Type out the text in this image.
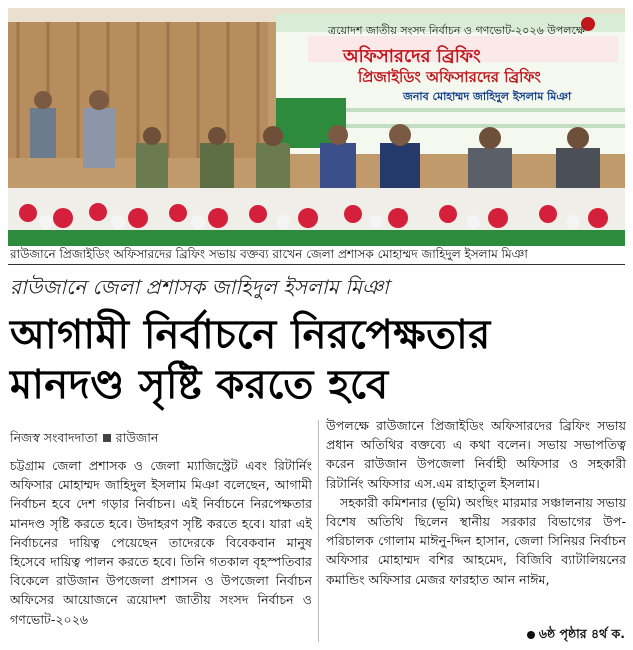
ত্রয়োদশ জাতীয় সংসদ নির্বাচন ও গণভোট-২০২৬ উপলক্ষে
অফিসারদের ব্রিফিং
প্রিজাইডিং অফিসারদের ব্রিফিং
জনাব মোহাম্মদ জাহিদুল ইসলাম মিঞা
রাউজানে প্রিজাইডিং অফিসারদের ব্রিফিং সভায় বক্তব্য রাখেন জেলা প্রশাসক মোহাম্মদ জাহিদুল ইসলাম মিঞা
রাউজানে জেলা প্রশাসক জাহিদুল ইসলাম মিঞা
আগামী নির্বাচনে নিরপেক্ষতার
মানদণ্ড সৃষ্টি করতে হবে
নিজস্ব সংবাদদাতা রাউজান

চট্টগ্রাম জেলা প্রশাসক ও জেলা ম্যাজিস্ট্রেট এবং রিটার্নিং অফিসার মোহাম্মদ জাহিদুল ইসলাম মিঞা বলেছেন, আগামী নির্বাচন হবে দেশ গড়ার নির্বাচন। এই নির্বাচনে নিরপেক্ষতার মানদণ্ড সৃষ্টি করতে হবে। উদাহরণ সৃষ্টি করতে হবে। যারা এই নির্বাচনের দায়িত্ব পেয়েছেন তাদেরকে বিবেকবান মানুষ হিসেবে দায়িত্ব পালন করতে হবে। তিনি গতকাল বৃহস্পতিবার বিকেলে রাউজান উপজেলা প্রশাসন ও উপজেলা নির্বাচন অফিসের আয়োজনে ত্রয়োদশ জাতীয় সংসদ নির্বাচন ও গণভোট-২০২৬

উপলক্ষে রাউজানে প্রিজাইডিং অফিসারদের ব্রিফিং সভায় প্রধান অতিথির বক্তব্যে এ কথা বলেন। সভায় সভাপতিত্ব করেন রাউজান উপজেলা নির্বাহী অফিসার ও সহকারী রিটার্নিং অফিসার এস.এম রাহাতুল ইসলাম।

সহকারী কমিশনার (ভূমি) অংছিং মারমার সঞ্চালনায় সভায় বিশেষ অতিথি ছিলেন স্থানীয় সরকার বিভাগের উপ-পরিচালক গোলাম মাঈনু-দ্দিন হাসান, জেলা সিনিয়র নির্বাচন অফিসার মোহাম্মদ বশির আহমেদ, বিজিবি ব্যাটালিয়নের কমান্ডিং অফিসার মেজর ফারহাত আন নাঈম,

৬ষ্ঠ পৃষ্ঠার ৪র্থ ক.
